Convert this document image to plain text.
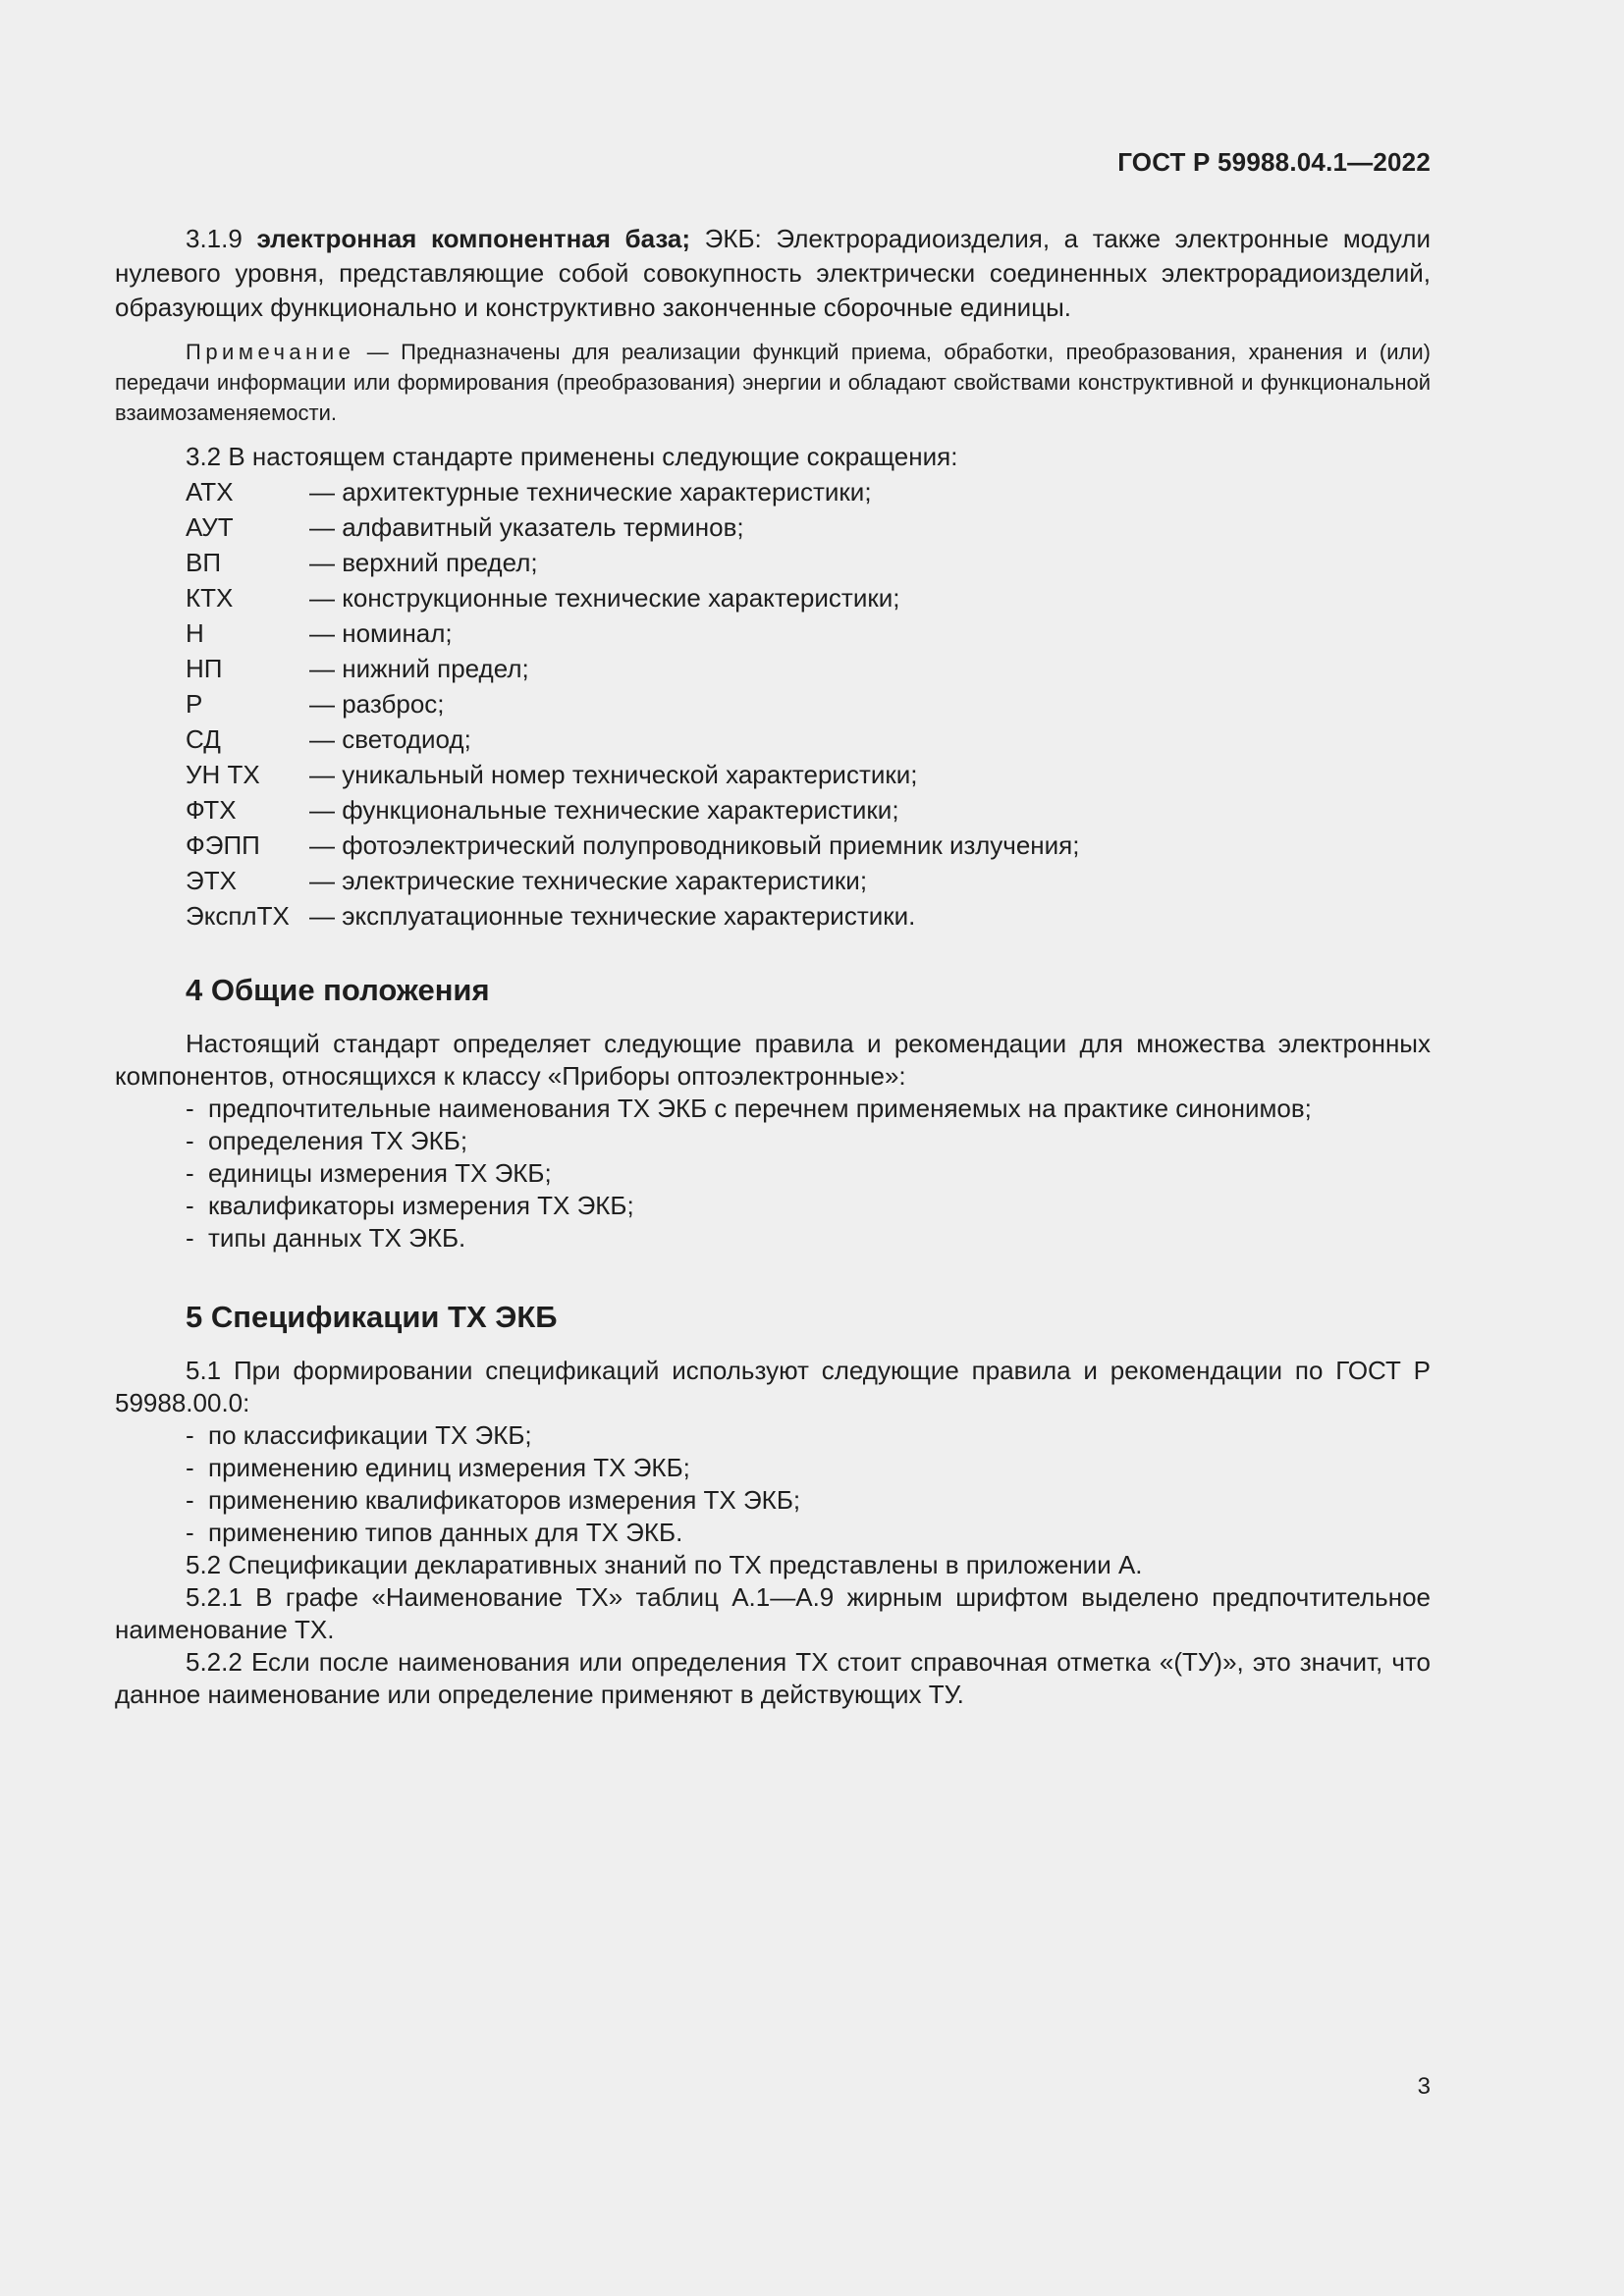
ГОСТ Р 59988.04.1—2022

3.1.9 электронная компонентная база; ЭКБ: Электрорадиоизделия, а также электронные модули нулевого уровня, представляющие собой совокупность электрически соединенных электрорадиоизделий, образующих функционально и конструктивно законченные сборочные единицы.

Примечание — Предназначены для реализации функций приема, обработки, преобразования, хранения и (или) передачи информации или формирования (преобразования) энергии и обладают свойствами конструктивной и функциональной взаимозаменяемости.

3.2 В настоящем стандарте применены следующие сокращения:

АТХ	— архитектурные технические характеристики;
АУТ	— алфавитный указатель терминов;
ВП	— верхний предел;
КТХ	— конструкционные технические характеристики;
Н	— номинал;
НП	— нижний предел;
Р	— разброс;
СД	— светодиод;
УН ТХ	— уникальный номер технической характеристики;
ФТХ	— функциональные технические характеристики;
ФЭПП	— фотоэлектрический полупроводниковый приемник излучения;
ЭТХ	— электрические технические характеристики;
ЭксплТХ — эксплуатационные технические характеристики.
4 Общие положения

Настоящий стандарт определяет следующие правила и рекомендации для множества электронных компонентов, относящихся к классу «Приборы оптоэлектронные»:

- предпочтительные наименования ТХ ЭКБ с перечнем применяемых на практике синонимов;
- определения ТХ ЭКБ;
- единицы измерения ТХ ЭКБ;
- квалификаторы измерения ТХ ЭКБ;
- типы данных ТХ ЭКБ.
5 Спецификации ТХ ЭКБ

5.1 При формировании спецификаций используют следующие правила и рекомендации по ГОСТ Р 59988.00.0:

- по классификации ТХ ЭКБ;
- применению единиц измерения ТХ ЭКБ;
- применению квалификаторов измерения ТХ ЭКБ;
- применению типов данных для ТХ ЭКБ.

5.2 Спецификации декларативных знаний по ТХ представлены в приложении А.

5.2.1 В графе «Наименование ТХ» таблиц А.1—А.9 жирным шрифтом выделено предпочтительное наименование ТХ.

5.2.2 Если после наименования или определения ТХ стоит справочная отметка «(ТУ)», это значит, что данное наименование или определение применяют в действующих ТУ.

3
